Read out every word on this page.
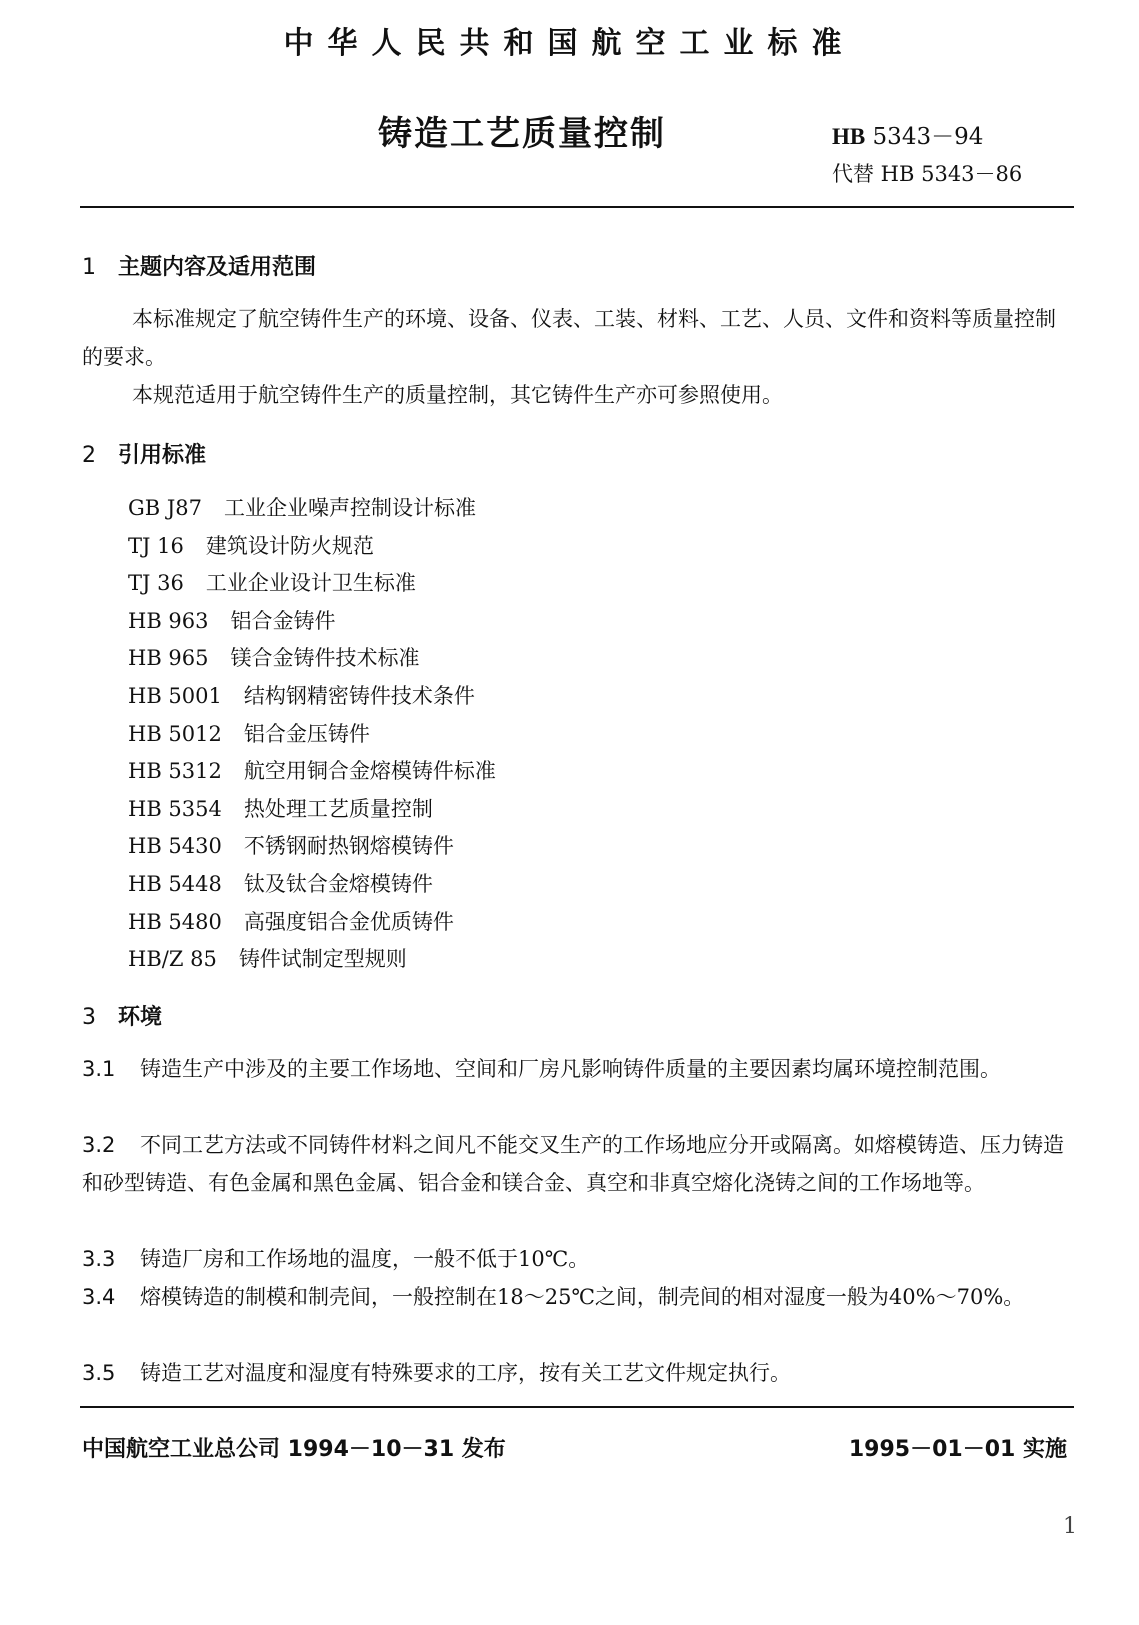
中华人民共和国航空工业标准
铸造工艺质量控制	HB 5343－94
代替 HB 5343－86
1 主题内容及适用范围
本标准规定了航空铸件生产的环境、设备、仪表、工装、材料、工艺、人员、文件和资料等质量控制的要求。
本规范适用于航空铸件生产的质量控制，其它铸件生产亦可参照使用。
2 引用标准
GB J87 工业企业噪声控制设计标准
TJ 16 建筑设计防火规范
TJ 36 工业企业设计卫生标准
HB 963 铝合金铸件
HB 965 镁合金铸件技术标准
HB 5001 结构钢精密铸件技术条件
HB 5012 铝合金压铸件
HB 5312 航空用铜合金熔模铸件标准
HB 5354 热处理工艺质量控制
HB 5430 不锈钢耐热钢熔模铸件
HB 5448 钛及钛合金熔模铸件
HB 5480 高强度铝合金优质铸件
HB/Z 85 铸件试制定型规则
3 环境
3.1 铸造生产中涉及的主要工作场地、空间和厂房凡影响铸件质量的主要因素均属环境控制范围。
3.2 不同工艺方法或不同铸件材料之间凡不能交叉生产的工作场地应分开或隔离。如熔模铸造、压力铸造和砂型铸造、有色金属和黑色金属、铝合金和镁合金、真空和非真空熔化浇铸之间的工作场地等。
3.3 铸造厂房和工作场地的温度，一般不低于10℃。
3.4 熔模铸造的制模和制壳间，一般控制在18～25℃之间，制壳间的相对湿度一般为40%～70%。
3.5 铸造工艺对温度和湿度有特殊要求的工序，按有关工艺文件规定执行。
中国航空工业总公司 1994－10－31 发布	1995－01－01 实施
1
